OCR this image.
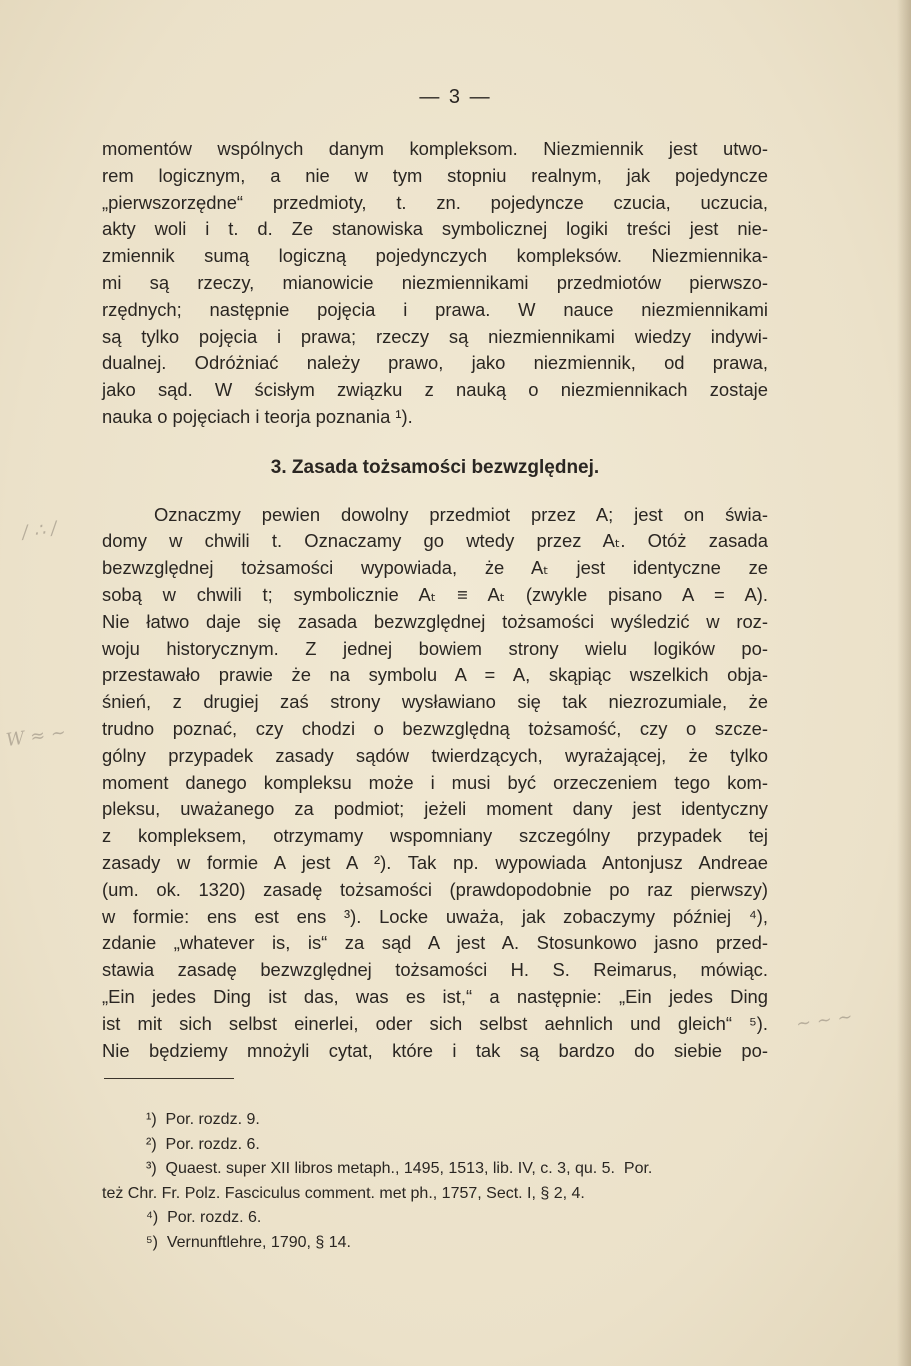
/ ∴ /
W ≈ ∼
∼ ∼ ∼
— 3 —
momentów wspólnych danym kompleksom. Niezmiennik jest utwo-
rem logicznym, a nie w tym stopniu realnym, jak pojedyncze
„pierwszorzędne“ przedmioty, t. zn. pojedyncze czucia, uczucia,
akty woli i t. d. Ze stanowiska symbolicznej logiki treści jest nie-
zmiennik sumą logiczną pojedynczych kompleksów. Niezmiennika-
mi są rzeczy, mianowicie niezmiennikami przedmiotów pierwszo-
rzędnych; następnie pojęcia i prawa. W nauce niezmiennikami
są tylko pojęcia i prawa; rzeczy są niezmiennikami wiedzy indywi-
dualnej. Odróżniać należy prawo, jako niezmiennik, od prawa,
jako sąd. W ścisłym związku z nauką o niezmiennikach zostaje
nauka o pojęciach i teorja poznania ¹).
3. Zasada tożsamości bezwzględnej.
Oznaczmy pewien dowolny przedmiot przez A; jest on świa-
domy w chwili t. Oznaczamy go wtedy przez Aₜ. Otóż zasada
bezwzględnej tożsamości wypowiada, że Aₜ jest identyczne ze
sobą w chwili t; symbolicznie Aₜ ≡ Aₜ (zwykle pisano A = A).
Nie łatwo daje się zasada bezwzględnej tożsamości wyśledzić w roz-
woju historycznym. Z jednej bowiem strony wielu logików po-
przestawało prawie że na symbolu A = A, skąpiąc wszelkich obja-
śnień, z drugiej zaś strony wysławiano się tak niezrozumiale, że
trudno poznać, czy chodzi o bezwzględną tożsamość, czy o szcze-
gólny przypadek zasady sądów twierdzących, wyrażającej, że tylko
moment danego kompleksu może i musi być orzeczeniem tego kom-
pleksu, uważanego za podmiot; jeżeli moment dany jest identyczny
z kompleksem, otrzymamy wspomniany szczególny przypadek tej
zasady w formie A jest A ²). Tak np. wypowiada Antonjusz Andreae
(um. ok. 1320) zasadę tożsamości (prawdopodobnie po raz pierwszy)
w formie: ens est ens ³). Locke uważa, jak zobaczymy później ⁴),
zdanie „whatever is, is“ za sąd A jest A. Stosunkowo jasno przed-
stawia zasadę bezwzględnej tożsamości H. S. Reimarus, mówiąc.
„Ein jedes Ding ist das, was es ist,“ a następnie: „Ein jedes Ding
ist mit sich selbst einerlei, oder sich selbst aehnlich und gleich“ ⁵).
Nie będziemy mnożyli cytat, które i tak są bardzo do siebie po-
¹)  Por. rozdz. 9.
²)  Por. rozdz. 6.
³)  Quaest. super XII libros metaph., 1495, 1513, lib. IV, c. 3, qu. 5.  Por.
też Chr. Fr. Polz. Fasciculus comment. met ph., 1757, Sect. I, § 2, 4.
⁴)  Por. rozdz. 6.
⁵)  Vernunftlehre, 1790, § 14.
